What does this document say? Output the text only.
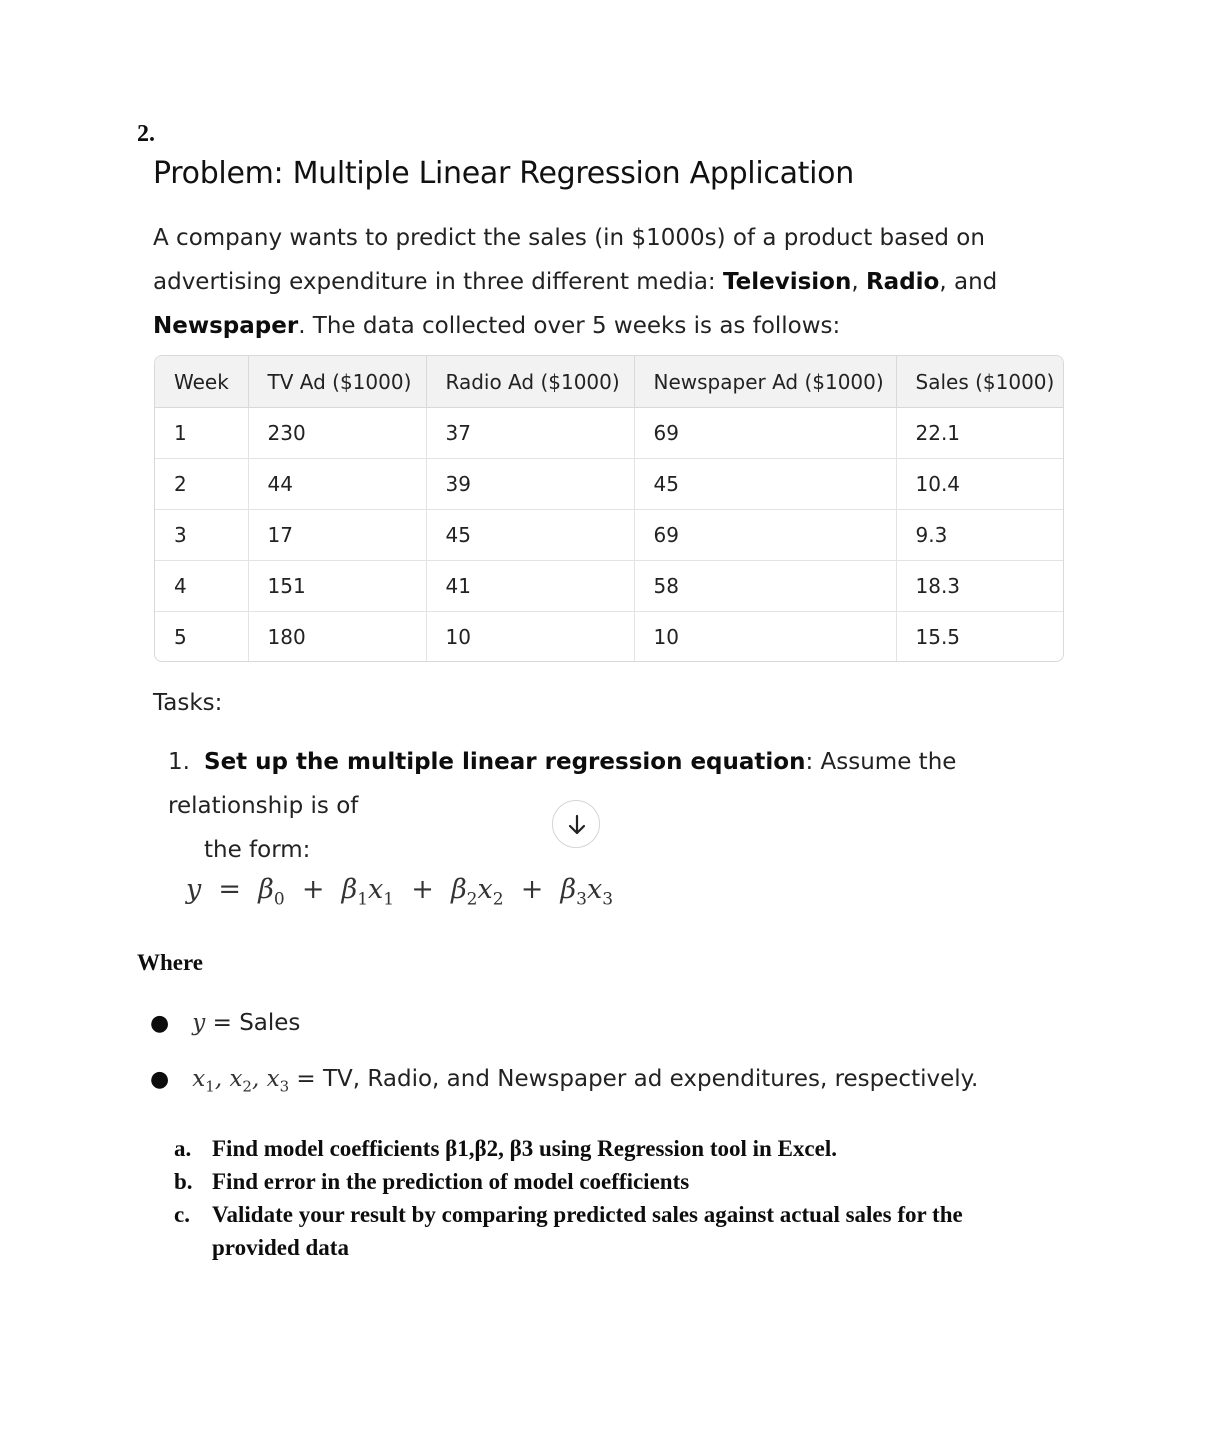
2.
Problem: Multiple Linear Regression Application
A company wants to predict the sales (in $1000s) of a product based on advertising expenditure in three different media: Television, Radio, and Newspaper. The data collected over 5 weeks is as follows:
Week	TV Ad ($1000)	Radio Ad ($1000)	Newspaper Ad ($1000)	Sales ($1000)
1	230	37	69	22.1
2	44	39	45	10.4
3	17	45	69	9.3
4	151	41	58	18.3
5	180	10	10	15.5
Tasks:
1. Set up the multiple linear regression equation: Assume the relationship is of
the form:
$y = \beta_0 + \beta_1x_1 + \beta_2x_2 + \beta_3x_3$
Where
● y = Sales
● $x_1$, $x_2$, $x_3$ = TV, Radio, and Newspaper ad expenditures, respectively.
a. Find model coefficients β1,β2, β3 using Regression tool in Excel.
b. Find error in the prediction of model coefficients
c. Validate your result by comparing predicted sales against actual sales for the provided data
